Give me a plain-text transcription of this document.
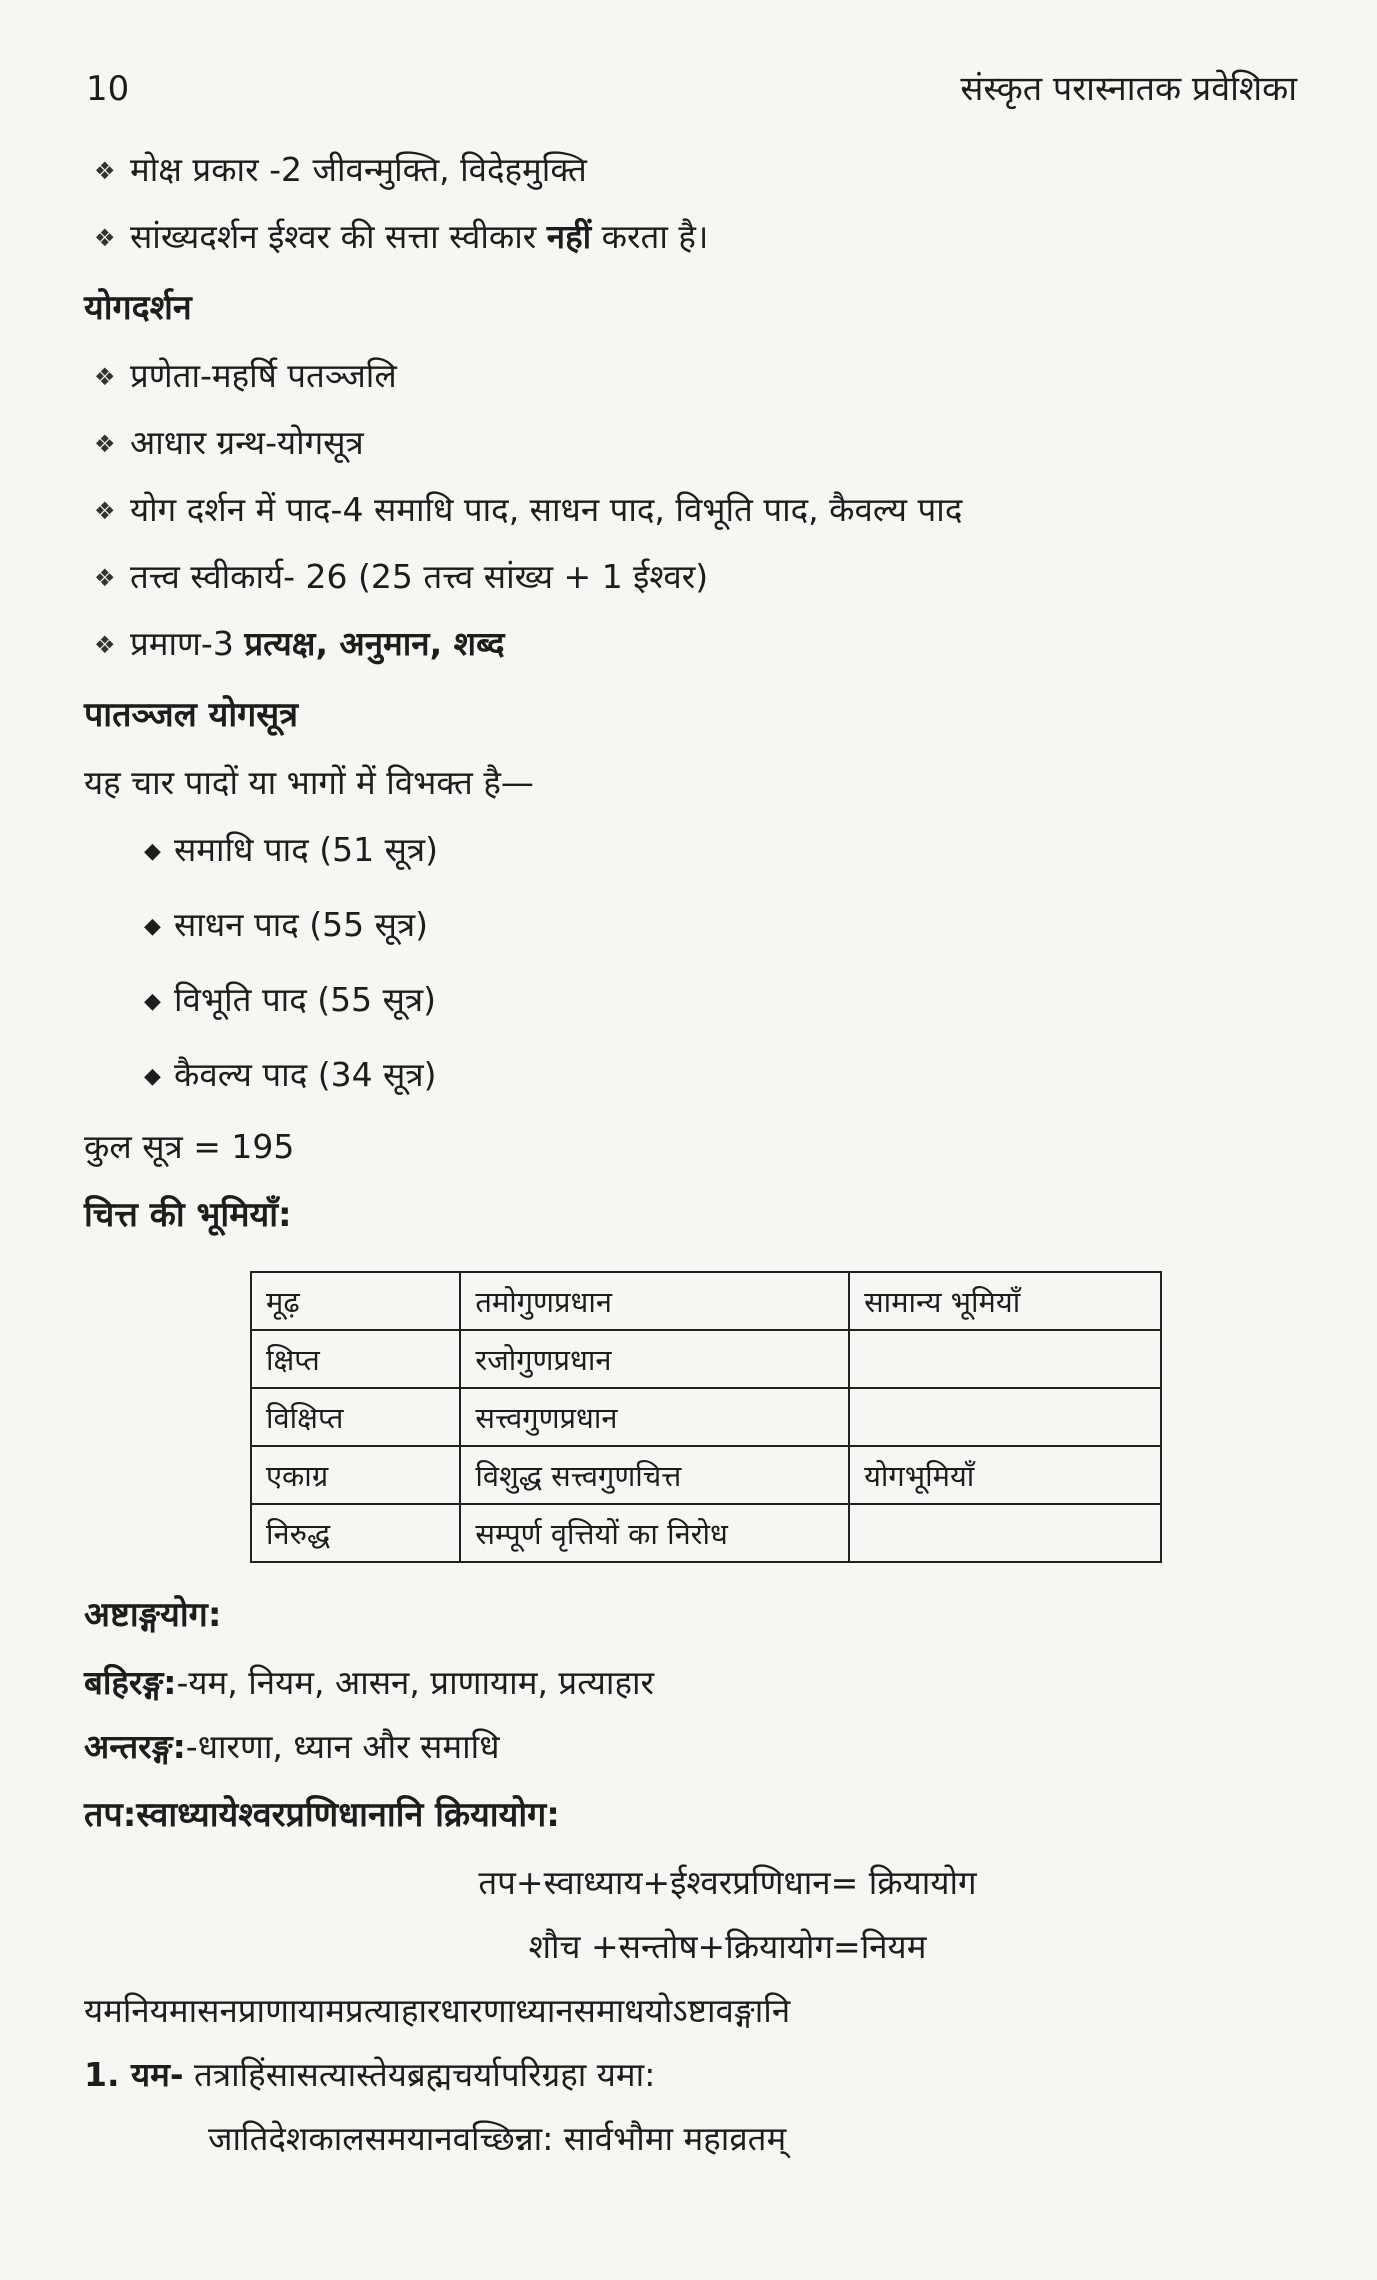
10	संस्कृत परास्नातक प्रवेशिका
❖ मोक्ष प्रकार -2 जीवन्मुक्ति, विदेहमुक्ति
❖ सांख्यदर्शन ईश्वर की सत्ता स्वीकार नहीं करता है।
योगदर्शन
❖ प्रणेता-महर्षि पतञ्जलि
❖ आधार ग्रन्थ-योगसूत्र
❖ योग दर्शन में पाद-4 समाधि पाद, साधन पाद, विभूति पाद, कैवल्य पाद
❖ तत्त्व स्वीकार्य- 26 (25 तत्त्व सांख्य + 1 ईश्वर)
❖ प्रमाण-3 प्रत्यक्ष, अनुमान, शब्द
पातञ्जल योगसूत्र
यह चार पादों या भागों में विभक्त है—
◆ समाधि पाद (51 सूत्र)
◆ साधन पाद (55 सूत्र)
◆ विभूति पाद (55 सूत्र)
◆ कैवल्य पाद (34 सूत्र)
कुल सूत्र = 195
चित्त की भूमियाँ:
मूढ़	तमोगुणप्रधान	सामान्य भूमियाँ
क्षिप्त	रजोगुणप्रधान	
विक्षिप्त	सत्त्वगुणप्रधान	
एकाग्र	विशुद्ध सत्त्वगुणचित्त	योगभूमियाँ
निरुद्ध	सम्पूर्ण वृत्तियों का निरोध	
अष्टाङ्गयोग:
बहिरङ्ग:-यम, नियम, आसन, प्राणायाम, प्रत्याहार
अन्तरङ्ग:-धारणा, ध्यान और समाधि
तप:स्वाध्यायेश्वरप्रणिधानानि क्रियायोग:
तप+स्वाध्याय+ईश्वरप्रणिधान= क्रियायोग
शौच +सन्तोष+क्रियायोग=नियम
यमनियमासनप्राणायामप्रत्याहारधारणाध्यानसमाधयोऽष्टावङ्गानि
1. यम- तत्राहिंसासत्यास्तेयब्रह्मचर्यापरिग्रहा यमा:
जातिदेशकालसमयानवच्छिन्ना: सार्वभौमा महाव्रतम्
